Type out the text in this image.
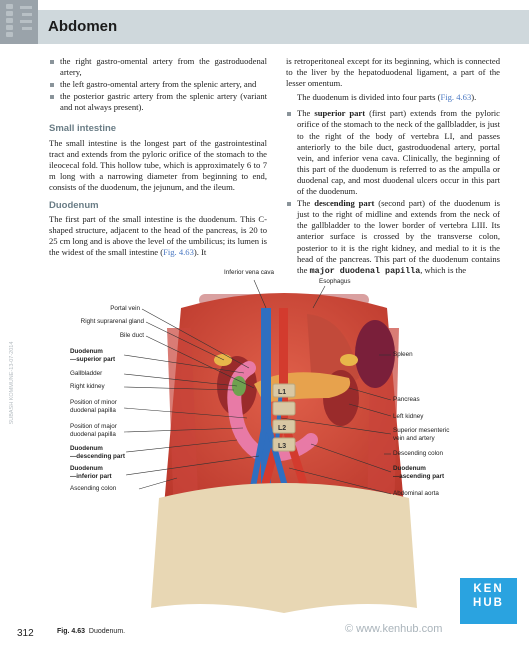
Abdomen
the right gastro-omental artery from the gastroduodenal artery,
the left gastro-omental artery from the splenic artery, and
the posterior gastric artery from the splenic artery (variant and not always present).
Small intestine

The small intestine is the longest part of the gastrointestinal tract and extends from the pyloric orifice of the stomach to the ileocecal fold. This hollow tube, which is approximately 6 to 7 m long with a narrowing diameter from beginning to end, consists of the duodenum, the jejunum, and the ileum.

Duodenum

The first part of the small intestine is the duodenum. This C-shaped structure, adjacent to the head of the pancreas, is 20 to 25 cm long and is above the level of the umbilicus; its lumen is the widest of the small intestine (Fig. 4.63). It

is retroperitoneal except for its beginning, which is connected to the liver by the hepatoduodenal ligament, a part of the lesser omentum.

The duodenum is divided into four parts (Fig. 4.63).

The superior part (first part) extends from the pyloric orifice of the stomach to the neck of the gallbladder, is just to the right of the body of vertebra LI, and passes anteriorly to the bile duct, gastroduodenal artery, portal vein, and inferior vena cava. Clinically, the beginning of this part of the duodenum is referred to as the ampulla or duodenal cap, and most duodenal ulcers occur in this part of the duodenum.
The descending part (second part) of the duodenum is just to the right of midline and extends from the neck of the gallbladder to the lower border of vertebra LIII. Its anterior surface is crossed by the transverse colon, posterior to it is the right kidney, and medial to it is the head of the pancreas. This part of the duodenum contains the major duodenal papilla, which is the
SUBASH KOMMUNE-13-07-2014	L1
L2
L3
Inferior vena cava
Esophagus
Portal vein
Right suprarenal gland
Bile duct
Duodenum
—superior part
Gallbladder
Right kidney
Position of minor
duodenal papilla
Position of major
duodenal papilla
Duodenum
—descending part
Duodenum
—inferior part
Ascending colon
Spleen
Pancreas
Left kidney
Superior mesenteric
vein and artery
Descending colon
Duodenum
—ascending part
Abdominal aorta
KEN
HUB
© www.kenhub.com
312	Fig. 4.63 Duodenum.
